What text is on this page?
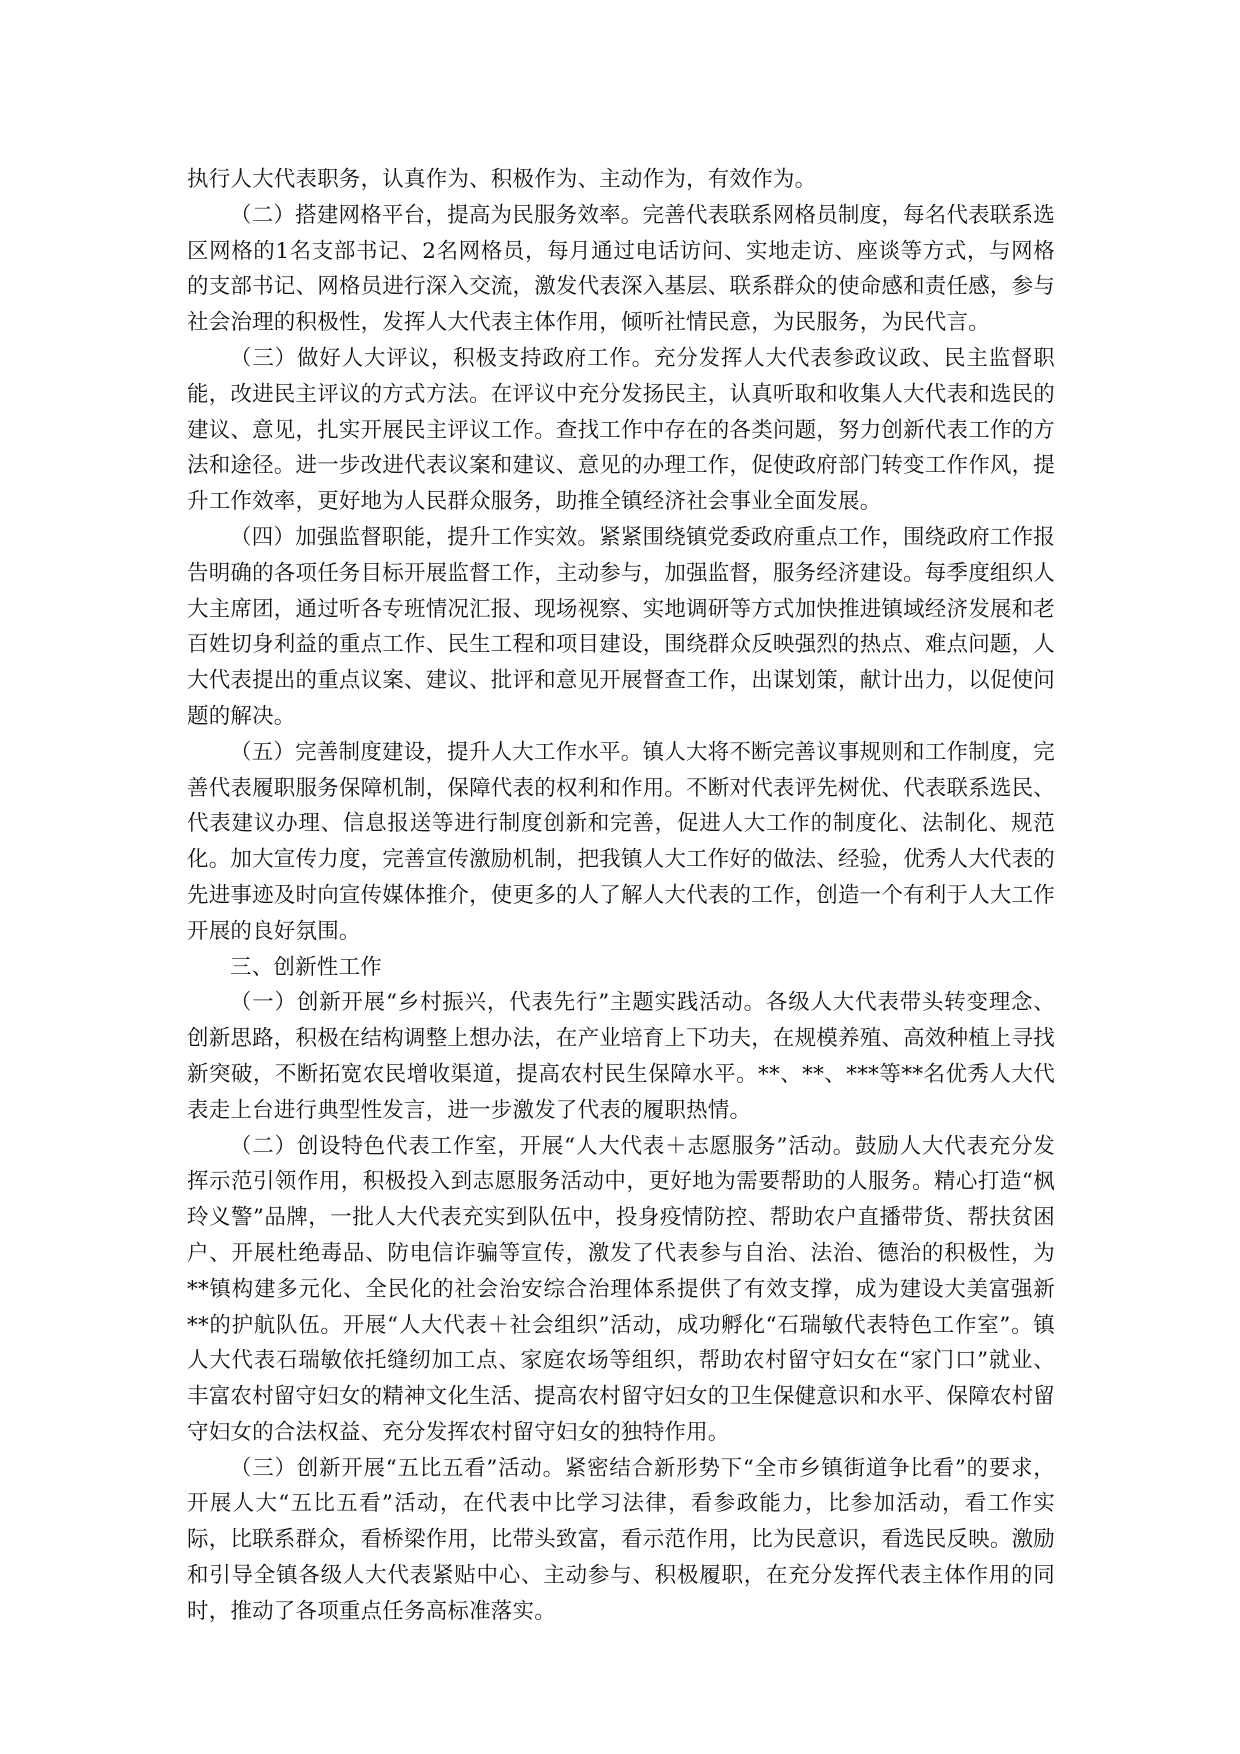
执行人大代表职务，认真作为、积极作为、主动作为，有效作为。

（二）搭建网格平台，提高为民服务效率。完善代表联系网格员制度，每名代表联系选区网格的1名支部书记、2名网格员，每月通过电话访问、实地走访、座谈等方式，与网格的支部书记、网格员进行深入交流，激发代表深入基层、联系群众的使命感和责任感，参与社会治理的积极性，发挥人大代表主体作用，倾听社情民意，为民服务，为民代言。

（三）做好人大评议，积极支持政府工作。充分发挥人大代表参政议政、民主监督职能，改进民主评议的方式方法。在评议中充分发扬民主，认真听取和收集人大代表和选民的建议、意见，扎实开展民主评议工作。查找工作中存在的各类问题，努力创新代表工作的方法和途径。进一步改进代表议案和建议、意见的办理工作，促使政府部门转变工作作风，提升工作效率，更好地为人民群众服务，助推全镇经济社会事业全面发展。

（四）加强监督职能，提升工作实效。紧紧围绕镇党委政府重点工作，围绕政府工作报告明确的各项任务目标开展监督工作，主动参与，加强监督，服务经济建设。每季度组织人大主席团，通过听各专班情况汇报、现场视察、实地调研等方式加快推进镇域经济发展和老百姓切身利益的重点工作、民生工程和项目建设，围绕群众反映强烈的热点、难点问题，人大代表提出的重点议案、建议、批评和意见开展督查工作，出谋划策，献计出力，以促使问题的解决。

（五）完善制度建设，提升人大工作水平。镇人大将不断完善议事规则和工作制度，完善代表履职服务保障机制，保障代表的权利和作用。不断对代表评先树优、代表联系选民、代表建议办理、信息报送等进行制度创新和完善，促进人大工作的制度化、法制化、规范化。加大宣传力度，完善宣传激励机制，把我镇人大工作好的做法、经验，优秀人大代表的先进事迹及时向宣传媒体推介，使更多的人了解人大代表的工作，创造一个有利于人大工作开展的良好氛围。

三、创新性工作

（一）创新开展“乡村振兴，代表先行”主题实践活动。各级人大代表带头转变理念、创新思路，积极在结构调整上想办法，在产业培育上下功夫，在规模养殖、高效种植上寻找新突破，不断拓宽农民增收渠道，提高农村民生保障水平。**、**、***等**名优秀人大代表走上台进行典型性发言，进一步激发了代表的履职热情。

（二）创设特色代表工作室，开展“人大代表＋志愿服务”活动。鼓励人大代表充分发挥示范引领作用，积极投入到志愿服务活动中，更好地为需要帮助的人服务。精心打造“枫玲义警”品牌，一批人大代表充实到队伍中，投身疫情防控、帮助农户直播带货、帮扶贫困户、开展杜绝毒品、防电信诈骗等宣传，激发了代表参与自治、法治、德治的积极性，为**镇构建多元化、全民化的社会治安综合治理体系提供了有效支撑，成为建设大美富强新**的护航队伍。开展“人大代表＋社会组织”活动，成功孵化“石瑞敏代表特色工作室”。镇人大代表石瑞敏依托缝纫加工点、家庭农场等组织，帮助农村留守妇女在“家门口”就业、丰富农村留守妇女的精神文化生活、提高农村留守妇女的卫生保健意识和水平、保障农村留守妇女的合法权益、充分发挥农村留守妇女的独特作用。

（三）创新开展“五比五看”活动。紧密结合新形势下“全市乡镇街道争比看”的要求，开展人大“五比五看”活动，在代表中比学习法律，看参政能力，比参加活动，看工作实际，比联系群众，看桥梁作用，比带头致富，看示范作用，比为民意识，看选民反映。激励和引导全镇各级人大代表紧贴中心、主动参与、积极履职，在充分发挥代表主体作用的同时，推动了各项重点任务高标准落实。
